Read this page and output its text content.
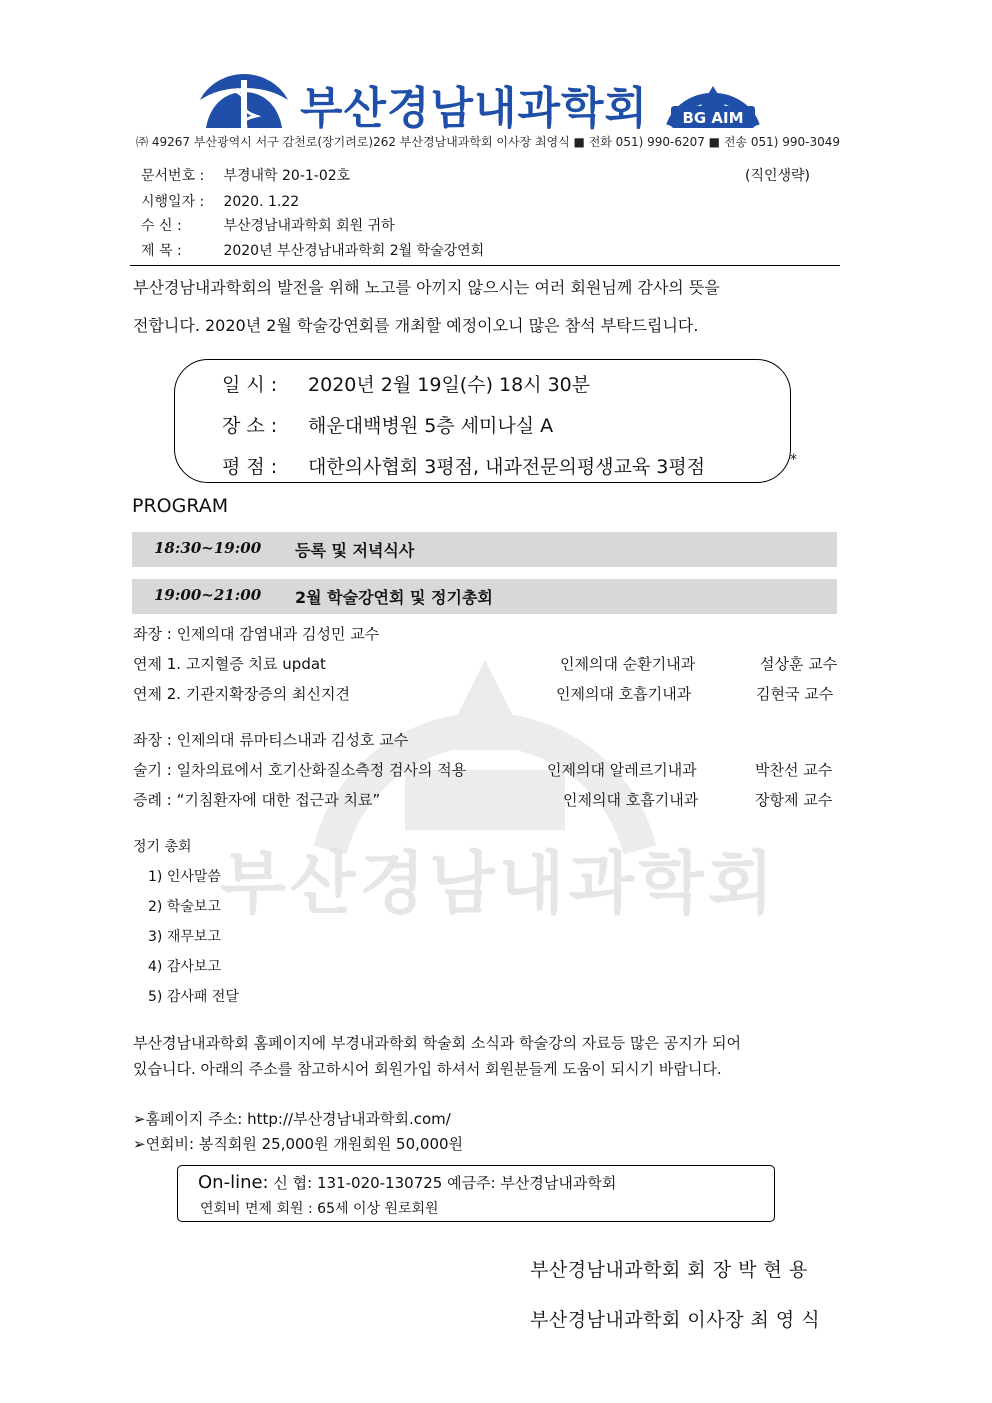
부산경남내과학회
부산경남내과학회 BG AIM
㈜ 49267 부산광역시 서구 감천로(장기려로)262 부산경남내과학회 이사장 최영식 ■ 전화 051) 990-6207 ■ 전송 051) 990-3049
문서번호 : 부경내학 20-1-02호	(직인생략)
시행일자 : 2020. 1.22
수 신 :	부산경남내과학회 회원 귀하
제 목 :	2020년 부산경남내과학회 2월 학술강연회
부산경남내과학회의 발전을 위해 노고를 아끼지 않으시는 여러 회원님께 감사의 뜻을
전합니다. 2020년 2월 학술강연회를 개최할 예정이오니 많은 참석 부탁드립니다.
일 시 : 2020년 2월 19일(수) 18시 30분
장 소 : 해운대백병원 5층 세미나실 A
평 점 : 대한의사협회 3평점, 내과전문의평생교육 3평점	*
PROGRAM
18:30~19:00 등록 및 저녁식사
19:00~21:00 2월 학술강연회 및 정기총회
좌장 : 인제의대 감염내과 김성민 교수
연제 1. 고지혈증 치료 updat	인제의대 순환기내과	설상훈 교수
연제 2. 기관지확장증의 최신지견	인제의대 호흡기내과	김현국 교수
좌장 : 인제의대 류마티스내과 김성호 교수
술기 : 일차의료에서 호기산화질소측정 검사의 적용	인제의대 알레르기내과	박찬선 교수
증례 : “기침환자에 대한 접근과 치료”	인제의대 호흡기내과	장항제 교수
정기 총회
1) 인사말씀
2) 학술보고
3) 재무보고
4) 감사보고
5) 감사패 전달
부산경남내과학회 홈페이지에 부경내과학회 학술회 소식과 학술강의 자료등 많은 공지가 되어
있습니다. 아래의 주소를 참고하시어 회원가입 하셔서 회원분들게 도움이 되시기 바랍니다.
➢홈페이지 주소: http://부산경남내과학회.com/
➢연회비: 봉직회원 25,000원 개원회원 50,000원
On-line: 신 협: 131-020-130725 예금주: 부산경남내과학회
연회비 면제 회원 : 65세 이상 원로회원
부산경남내과학회 회 장 박 현 용
부산경남내과학회 이사장 최 영 식
